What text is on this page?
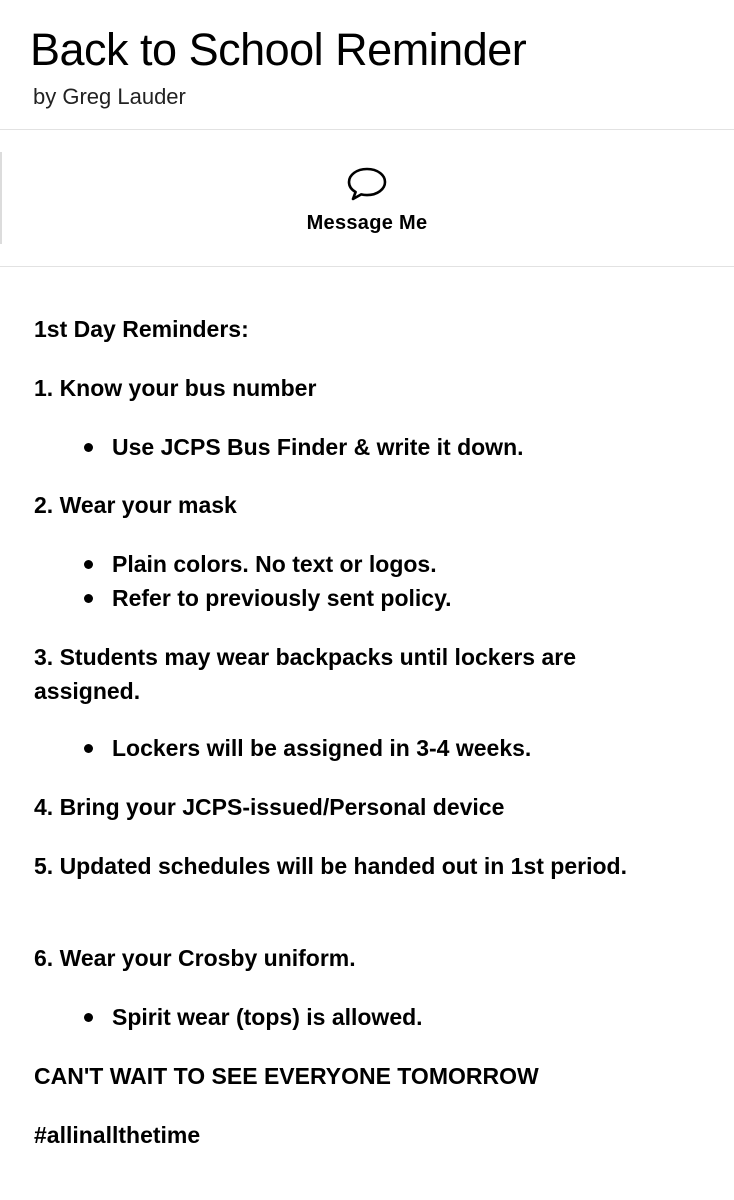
Back to School Reminder
by Greg Lauder
Message Me
1st Day Reminders:
1. Know your bus number
Use JCPS Bus Finder & write it down.
2. Wear your mask
Plain colors. No text or logos.
Refer to previously sent policy.
3. Students may wear backpacks until lockers are assigned.
Lockers will be assigned in 3-4 weeks.
4. Bring your JCPS-issued/Personal device
5. Updated schedules will be handed out in 1st period.
6. Wear your Crosby uniform.
Spirit wear (tops) is allowed.
CAN'T WAIT TO SEE EVERYONE TOMORROW
#allinallthetime
